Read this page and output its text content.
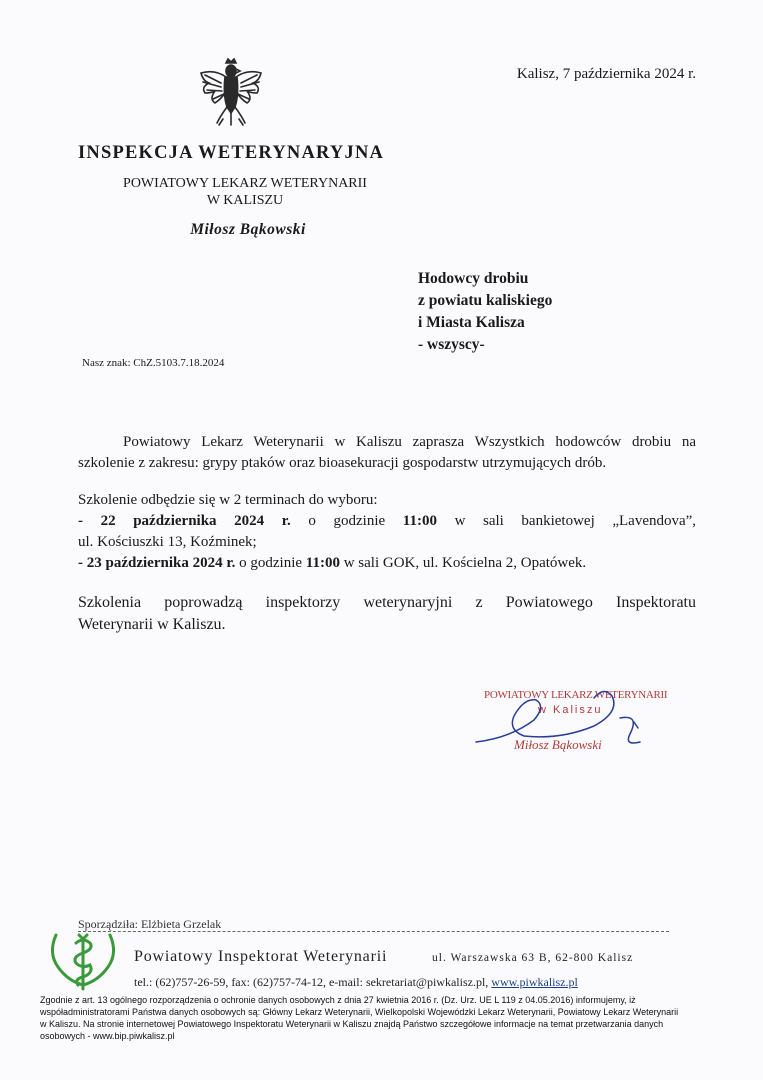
Kalisz, 7 października 2024 r.
INSPEKCJA WETERYNARYJNA
POWIATOWY LEKARZ WETERYNARII
W KALISZU
Miłosz Bąkowski
Hodowcy drobiu
z powiatu kaliskiego
i Miasta Kalisza
- wszyscy-
Nasz znak: ChZ.5103.7.18.2024
Powiatowy Lekarz Weterynarii w Kaliszu zaprasza Wszystkich hodowców drobiu na
szkolenie z zakresu: grypy ptaków oraz bioasekuracji gospodarstw utrzymujących drób.
Szkolenie odbędzie się w 2 terminach do wyboru:
- 22 października 2024 r. o godzinie 11:00 w sali bankietowej „Lavendova”,
ul. Kościuszki 13, Koźminek;
- 23 października 2024 r. o godzinie 11:00 w sali GOK, ul. Kościelna 2, Opatówek.
Szkolenia poprowadzą inspektorzy weterynaryjni z Powiatowego Inspektoratu
Weterynarii w Kaliszu.
POWIATOWY LEKARZ WETERYNARII
w Kaliszu
Miłosz Bąkowski
Sporządziła: Elżbieta Grzelak
Powiatowy Inspektorat Weterynarii	ul. Warszawska 63 B, 62-800 Kalisz
tel.: (62)757-26-59, fax: (62)757-74-12, e-mail: sekretariat@piwkalisz.pl, www.piwkalisz.pl
Zgodnie z art. 13 ogólnego rozporządzenia o ochronie danych osobowych z dnia 27 kwietnia 2016 r. (Dz. Urz. UE L 119 z 04.05.2016) informujemy, iż współadministratorami Państwa danych osobowych są: Główny Lekarz Weterynarii, Wielkopolski Wojewódzki Lekarz Weterynarii, Powiatowy Lekarz Weterynarii w Kaliszu. Na stronie internetowej Powiatowego Inspektoratu Weterynarii w Kaliszu znajdą Państwo szczegółowe informacje na temat przetwarzania danych osobowych - www.bip.piwkalisz.pl
